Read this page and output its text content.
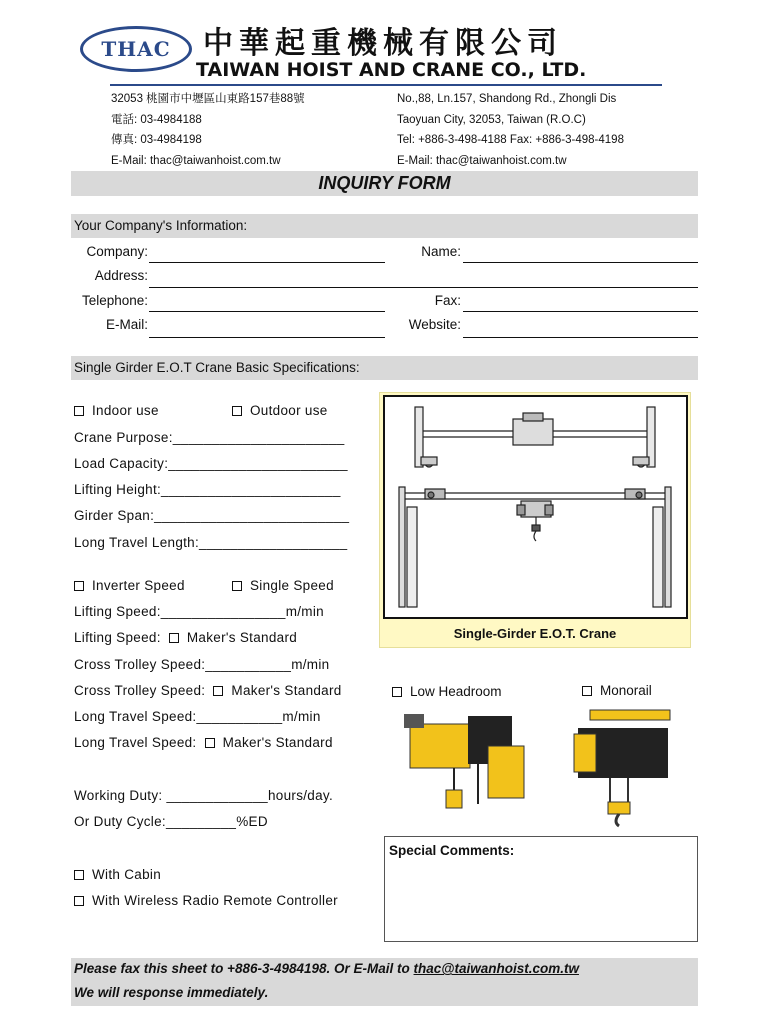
THAC 中華起重機械有限公司
TAIWAN HOIST AND CRANE CO., LTD.
32053 桃園市中壢區山東路157巷88號
電話: 03-4984188
傳真: 03-4984198
E-Mail: thac@taiwanhoist.com.tw
No.,88, Ln.157, Shandong Rd., Zhongli Dis
Taoyuan City, 32053, Taiwan (R.O.C)
Tel: +886-3-498-4188 Fax: +886-3-498-4198
E-Mail: thac@taiwanhoist.com.tw
INQUIRY FORM
Your Company's Information:
Company:	Name:
Address:
Telephone:	Fax:
E-Mail:	Website:
Single Girder E.O.T Crane Basic Specifications:
Indoor use	Outdoor use
Crane Purpose:______________________
Load Capacity:_______________________
Lifting Height:_______________________
Girder Span:_________________________
Long Travel Length:___________________
Inverter Speed	Single Speed
Lifting Speed:________________m/min
Lifting Speed: Maker's Standard
Cross Trolley Speed:___________m/min
Cross Trolley Speed: Maker's Standard
Long Travel Speed:___________m/min
Long Travel Speed: Maker's Standard
Working Duty: _____________hours/day.
Or Duty Cycle:_________%ED
With Cabin
With Wireless Radio Remote Controller
Single-Girder E.O.T. Crane
Low Headroom	Monorail
Special Comments:
Please fax this sheet to +886-3-4984198. Or E-Mail to thac@taiwanhoist.com.tw
We will response immediately.
